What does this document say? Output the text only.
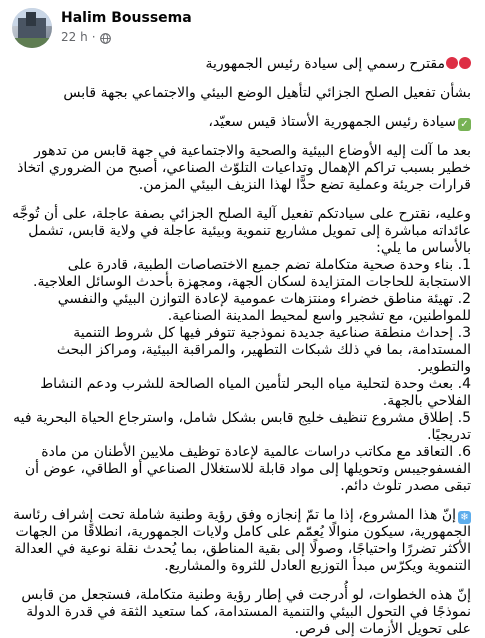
Halim Boussema
22 h ·

مقترح رسمي إلى سيادة رئيس الجمهورية

بشأن تفعيل الصلح الجزائي لتأهيل الوضع البيئي والاجتماعي بجهة قابس

✓سيادة رئيس الجمهورية الأستاذ قيس سعيّد،

بعد ما آلت إليه الأوضاع البيئية والصحية والاجتماعية في جهة قابس من تدهور خطير بسبب تراكم الإهمال وتداعيات التلوّث الصناعي، أصبح من الضروري اتخاذ قرارات جريئة وعملية تضع حدًّا لهذا النزيف البيئي المزمن.

وعليه، نقترح على سيادتكم تفعيل آلية الصلح الجزائي بصفة عاجلة، على أن تُوجَّه عائداته مباشرة إلى تمويل مشاريع تنموية وبيئية عاجلة في ولاية قابس، تشمل بالأساس ما يلي:

1. بناء وحدة صحية متكاملة تضم جميع الاختصاصات الطبية، قادرة على الاستجابة للحاجات المتزايدة لسكان الجهة، ومجهزة بأحدث الوسائل العلاجية.
2. تهيئة مناطق خضراء ومنتزهات عمومية لإعادة التوازن البيئي والنفسي للمواطنين، مع تشجير واسع لمحيط المدينة الصناعية.
3. إحداث منطقة صناعية جديدة نموذجية تتوفر فيها كل شروط التنمية المستدامة، بما في ذلك شبكات التطهير، والمراقبة البيئية، ومراكز البحث والتطوير.
4. بعث وحدة لتحلية مياه البحر لتأمين المياه الصالحة للشرب ودعم النشاط الفلاحي بالجهة.
5. إطلاق مشروع تنظيف خليج قابس بشكل شامل، واسترجاع الحياة البحرية فيه تدريجيًا.
6. التعاقد مع مكاتب دراسات عالمية لإعادة توظيف ملايين الأطنان من مادة الفسفوجيبس وتحويلها إلى مواد قابلة للاستغلال الصناعي أو الطاقي، عوض أن تبقى مصدر تلوث دائم.

❄إنّ هذا المشروع، إذا ما تمّ إنجازه وفق رؤية وطنية شاملة تحت إشراف رئاسة الجمهورية، سيكون منوالًا يُعمّم على كامل ولايات الجمهورية، انطلاقًا من الجهات الأكثر تضررًا واحتياجًا، وصولًا إلى بقية المناطق، بما يُحدث نقلة نوعية في العدالة التنموية ويكرّس مبدأ التوزيع العادل للثروة والمشاريع.

إنّ هذه الخطوات، لو أُدرجت في إطار رؤية وطنية متكاملة، فستجعل من قابس نموذجًا في التحول البيئي والتنمية المستدامة، كما ستعيد الثقة في قدرة الدولة على تحويل الأزمات إلى فرص.
